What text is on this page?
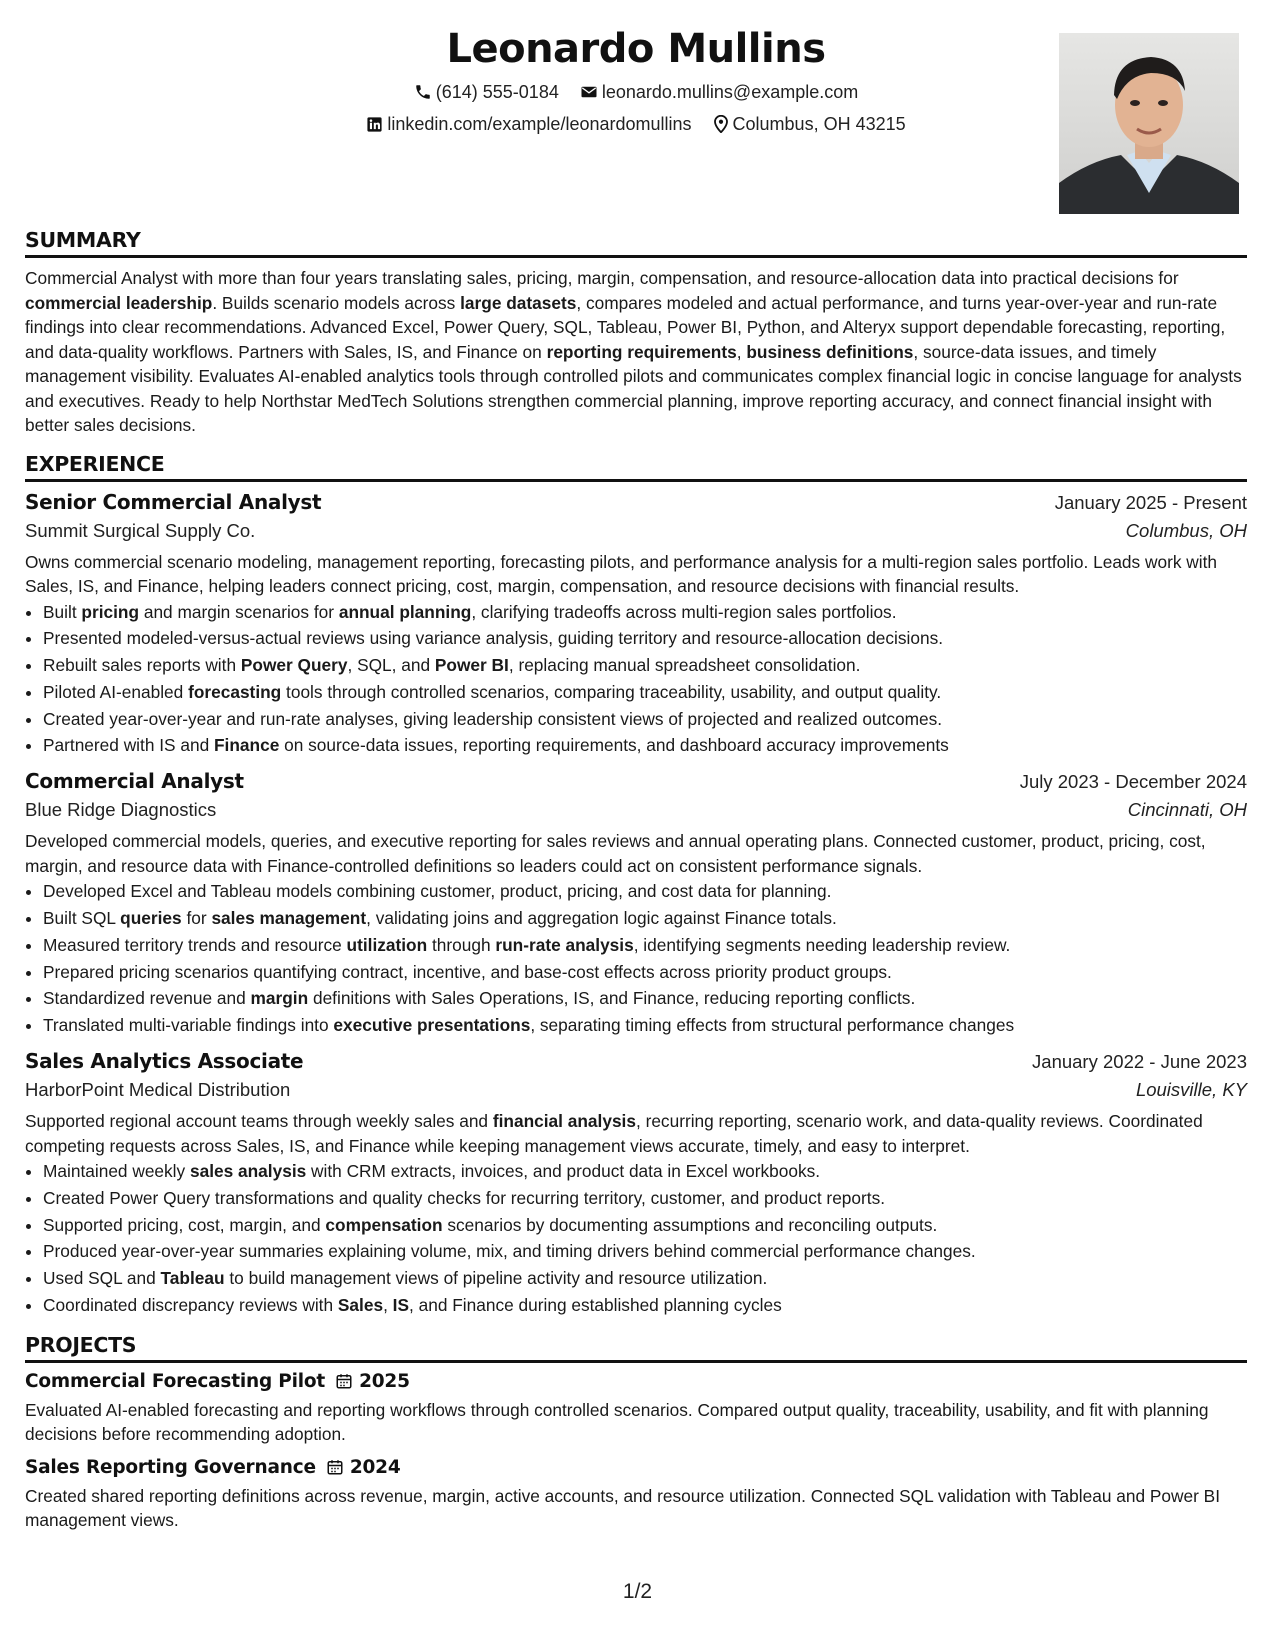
Leonardo Mullins
(614) 555-0184 leonardo.mullins@example.com
linkedin.com/example/leonardomullins Columbus, OH 43215
SUMMARY

Commercial Analyst with more than four years translating sales, pricing, margin, compensation, and resource-allocation data into practical decisions for commercial leadership. Builds scenario models across large datasets, compares modeled and actual performance, and turns year-over-year and run-rate findings into clear recommendations. Advanced Excel, Power Query, SQL, Tableau, Power BI, Python, and Alteryx support dependable forecasting, reporting, and data-quality workflows. Partners with Sales, IS, and Finance on reporting requirements, business definitions, source-data issues, and timely management visibility. Evaluates AI-enabled analytics tools through controlled pilots and communicates complex financial logic in concise language for analysts and executives. Ready to help Northstar MedTech Solutions strengthen commercial planning, improve reporting accuracy, and connect financial insight with better sales decisions.

EXPERIENCE
Senior Commercial Analyst	January 2025 - Present
Summit Surgical Supply Co.	Columbus, OH

Owns commercial scenario modeling, management reporting, forecasting pilots, and performance analysis for a multi-region sales portfolio. Leads work with Sales, IS, and Finance, helping leaders connect pricing, cost, margin, compensation, and resource decisions with financial results.

• Built pricing and margin scenarios for annual planning, clarifying tradeoffs across multi-region sales portfolios.
• Presented modeled-versus-actual reviews using variance analysis, guiding territory and resource-allocation decisions.
• Rebuilt sales reports with Power Query, SQL, and Power BI, replacing manual spreadsheet consolidation.
• Piloted AI-enabled forecasting tools through controlled scenarios, comparing traceability, usability, and output quality.
• Created year-over-year and run-rate analyses, giving leadership consistent views of projected and realized outcomes.
• Partnered with IS and Finance on source-data issues, reporting requirements, and dashboard accuracy improvements
Commercial Analyst	July 2023 - December 2024
Blue Ridge Diagnostics	Cincinnati, OH

Developed commercial models, queries, and executive reporting for sales reviews and annual operating plans. Connected customer, product, pricing, cost, margin, and resource data with Finance-controlled definitions so leaders could act on consistent performance signals.

• Developed Excel and Tableau models combining customer, product, pricing, and cost data for planning.
• Built SQL queries for sales management, validating joins and aggregation logic against Finance totals.
• Measured territory trends and resource utilization through run-rate analysis, identifying segments needing leadership review.
• Prepared pricing scenarios quantifying contract, incentive, and base-cost effects across priority product groups.
• Standardized revenue and margin definitions with Sales Operations, IS, and Finance, reducing reporting conflicts.
• Translated multi-variable findings into executive presentations, separating timing effects from structural performance changes
Sales Analytics Associate	January 2022 - June 2023
HarborPoint Medical Distribution	Louisville, KY

Supported regional account teams through weekly sales and financial analysis, recurring reporting, scenario work, and data-quality reviews. Coordinated competing requests across Sales, IS, and Finance while keeping management views accurate, timely, and easy to interpret.

• Maintained weekly sales analysis with CRM extracts, invoices, and product data in Excel workbooks.
• Created Power Query transformations and quality checks for recurring territory, customer, and product reports.
• Supported pricing, cost, margin, and compensation scenarios by documenting assumptions and reconciling outputs.
• Produced year-over-year summaries explaining volume, mix, and timing drivers behind commercial performance changes.
• Used SQL and Tableau to build management views of pipeline activity and resource utilization.
• Coordinated discrepancy reviews with Sales, IS, and Finance during established planning cycles
PROJECTS
Commercial Forecasting Pilot 2025

Evaluated AI-enabled forecasting and reporting workflows through controlled scenarios. Compared output quality, traceability, usability, and fit with planning decisions before recommending adoption.

Sales Reporting Governance 2024

Created shared reporting definitions across revenue, margin, active accounts, and resource utilization. Connected SQL validation with Tableau and Power BI management views.

1/2
